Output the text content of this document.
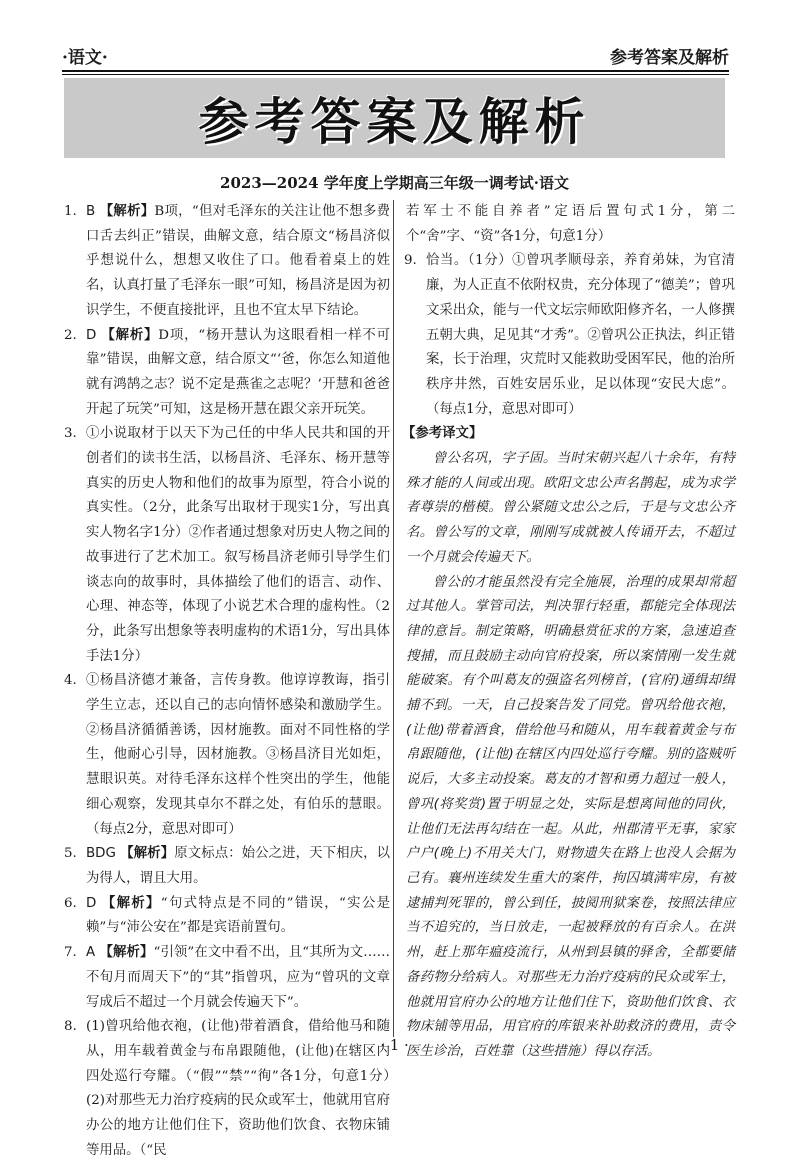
·语文·	参考答案及解析
参考答案及解析
2023—2024 学年度上学期高三年级一调考试·语文

1. B 【解析】B项，“但对毛泽东的关注让他不想多费口舌去纠正”错误，曲解文意，结合原文“杨昌济似乎想说什么，想想又收住了口。他看着桌上的姓名，认真打量了毛泽东一眼”可知，杨昌济是因为初识学生，不便直接批评，且也不宜太早下结论。

2. D 【解析】D项，“杨开慧认为这眼看相一样不可靠”错误，曲解文意，结合原文“‘爸，你怎么知道他就有鸿鹄之志？说不定是燕雀之志呢？’开慧和爸爸开起了玩笑”可知，这是杨开慧在跟父亲开玩笑。

3. ①小说取材于以天下为己任的中华人民共和国的开创者们的读书生活，以杨昌济、毛泽东、杨开慧等真实的历史人物和他们的故事为原型，符合小说的真实性。（2分，此条写出取材于现实1分，写出真实人物名字1分）②作者通过想象对历史人物之间的故事进行了艺术加工。叙写杨昌济老师引导学生们谈志向的故事时，具体描绘了他们的语言、动作、心理、神态等，体现了小说艺术合理的虚构性。（2分，此条写出想象等表明虚构的术语1分，写出具体手法1分）

4. ①杨昌济德才兼备，言传身教。他谆谆教诲，指引学生立志，还以自己的志向情怀感染和激励学生。②杨昌济循循善诱，因材施教。面对不同性格的学生，他耐心引导，因材施教。③杨昌济目光如炬，慧眼识英。对待毛泽东这样个性突出的学生，他能细心观察，发现其卓尔不群之处，有伯乐的慧眼。（每点2分，意思对即可）

5. BDG 【解析】原文标点：始公之进，天下相庆，以为得人，谓且大用。

6. D 【解析】“句式特点是不同的”错误，“实公是赖”与“沛公安在”都是宾语前置句。

7. A 【解析】“引领”在文中看不出，且“其所为文……不旬月而周天下”的“其”指曾巩，应为“曾巩的文章写成后不超过一个月就会传遍天下”。

8. (1)曾巩给他衣袍，(让他)带着酒食，借给他马和随从，用车载着黄金与布帛跟随他，(让他)在辖区内四处巡行夸耀。（“假”“禁”“徇”各1分，句意1分）　(2)对那些无力治疗疫病的民众或军士，他就用官府办公的地方让他们住下，资助他们饮食、衣物床铺等用品。（“民

若军士不能自养者”定语后置句式1分，第二个“舍”字、“资”各1分，句意1分）

9. 恰当。（1分）①曾巩孝顺母亲，养育弟妹，为官清廉，为人正直不依附权贵，充分体现了“德美”；曾巩文采出众，能与一代文坛宗师欧阳修齐名，一人修撰五朝大典，足见其“才秀”。②曾巩公正执法，纠正错案，长于治理，灾荒时又能救助受困军民，他的治所秩序井然，百姓安居乐业，足以体现“安民大虑”。（每点1分，意思对即可）

【参考译文】

曾公名巩，字子固。当时宋朝兴起八十余年，有特殊才能的人间或出现。欧阳文忠公声名鹊起，成为求学者尊崇的楷模。曾公紧随文忠公之后，于是与文忠公齐名。曾公写的文章，刚刚写成就被人传诵开去，不超过一个月就会传遍天下。

曾公的才能虽然没有完全施展，治理的成果却常超过其他人。掌管司法，判决罪行轻重，都能完全体现法律的意旨。制定策略，明确悬赏征求的方案，急速追查搜捕，而且鼓励主动向官府投案，所以案情刚一发生就能破案。有个叫葛友的强盗名列榜首，(官府)通缉却缉捕不到。一天，自己投案告发了同党。曾巩给他衣袍，(让他)带着酒食，借给他马和随从，用车载着黄金与布帛跟随他，(让他)在辖区内四处巡行夸耀。别的盗贼听说后，大多主动投案。葛友的才智和勇力超过一般人，曾巩(将奖赏)置于明显之处，实际是想离间他的同伙，让他们无法再勾结在一起。从此，州郡清平无事，家家户户(晚上)不用关大门，财物遗失在路上也没人会据为己有。襄州连续发生重大的案件，拘囚填满牢房，有被逮捕判死罪的，曾公到任，披阅刑狱案卷，按照法律应当不追究的，当日放走，一起被释放的有百余人。在洪州，赶上那年瘟疫流行，从州到县镇的驿舍，全都要储备药物分给病人。对那些无力治疗疫病的民众或军士，他就用官府办公的地方让他们住下，资助他们饮食、衣物床铺等用品，用官府的库银来补助救济的费用，责令医生诊治，百姓靠（这些措施）得以存活。

· 1 ·
